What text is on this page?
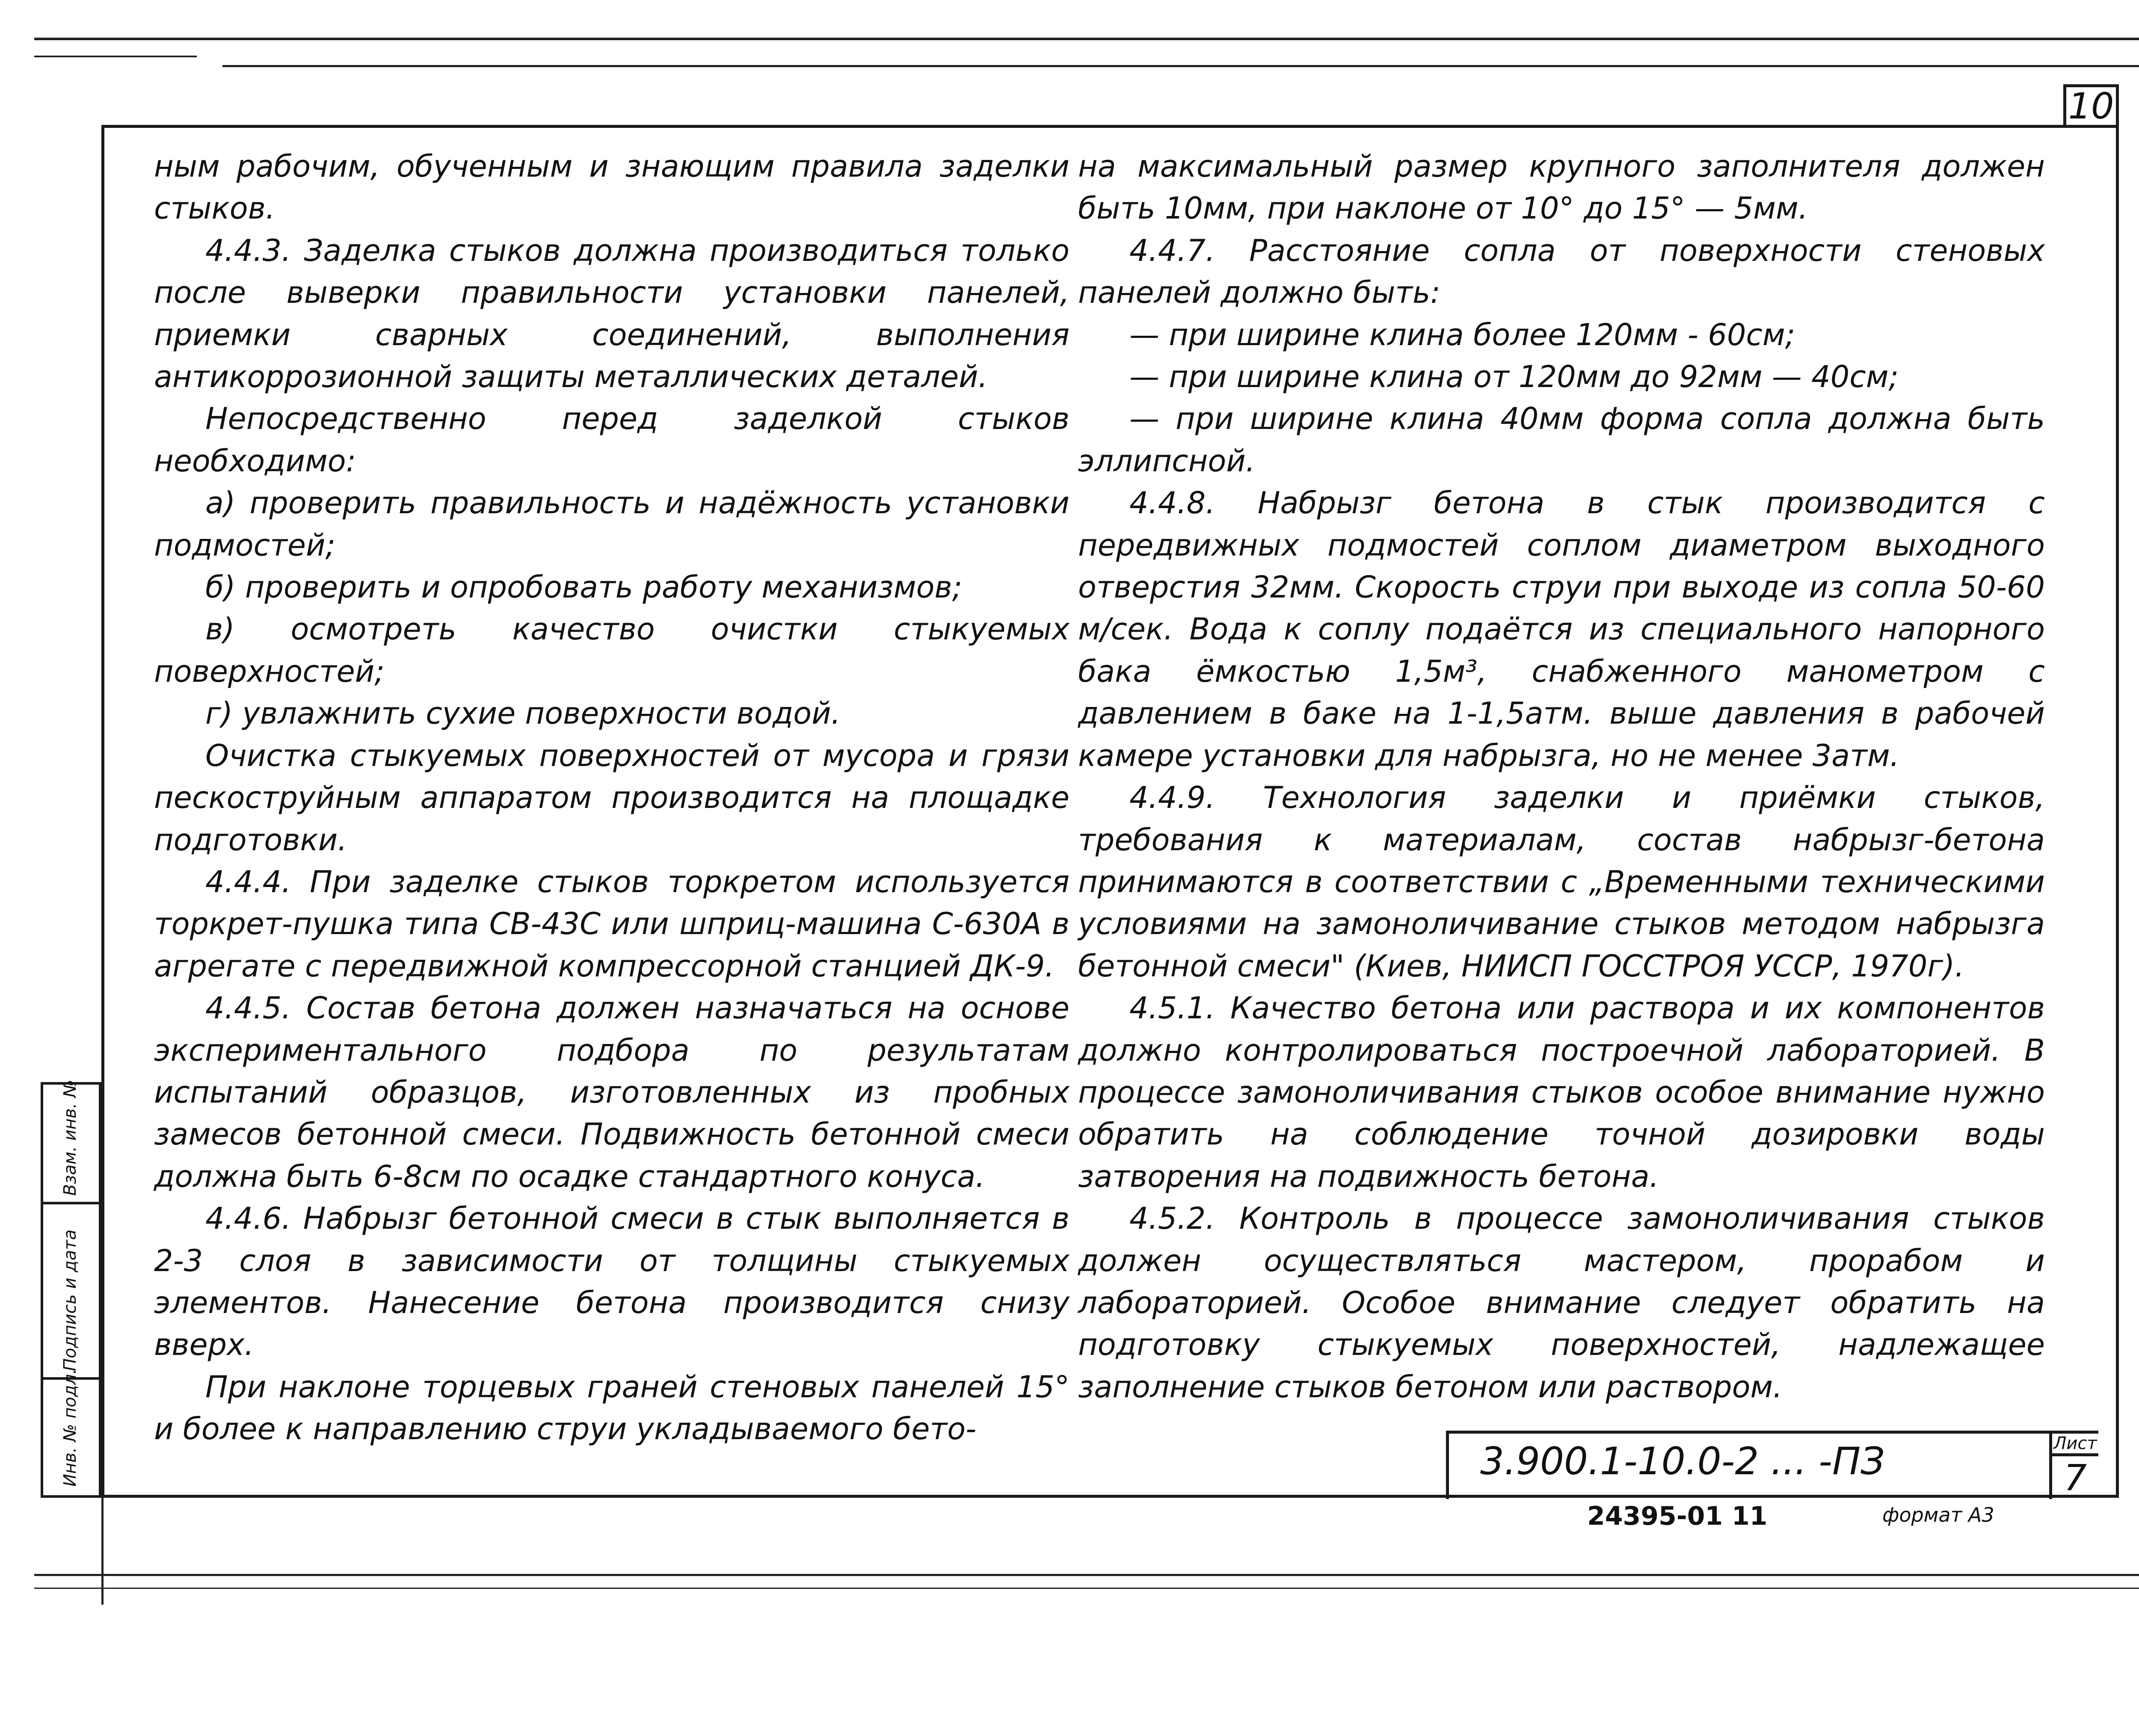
10

ным рабочим, обученным и знающим правила заделки стыков.

4.4.3. Заделка стыков должна производиться только после выверки правильности установки панелей, приемки сварных соединений, выполнения антикоррозионной защиты металлических деталей.

Непосредственно перед заделкой стыков необходимо:

а) проверить правильность и надёжность установки подмостей;

б) проверить и опробовать работу механизмов;

в) осмотреть качество очистки стыкуемых поверхностей;

г) увлажнить сухие поверхности водой.

Очистка стыкуемых поверхностей от мусора и грязи пескоструйным аппаратом производится на площадке подготовки.

4.4.4. При заделке стыков торкретом используется торкрет-пушка типа СВ-43С или шприц-машина С-630А в агрегате с передвижной компрессорной станцией ДК-9.

4.4.5. Состав бетона должен назначаться на основе экспериментального подбора по результатам испытаний образцов, изготовленных из пробных замесов бетонной смеси. Подвижность бетонной смеси должна быть 6-8см по осадке стандартного конуса.

4.4.6. Набрызг бетонной смеси в стык выполняется в 2-3 слоя в зависимости от толщины стыкуемых элементов. Нанесение бетона производится снизу вверх.

При наклоне торцевых граней стеновых панелей 15° и более к направлению струи укладываемого бето-

на максимальный размер крупного заполнителя должен быть 10мм, при наклоне от 10° до 15° — 5мм.

4.4.7. Расстояние сопла от поверхности стеновых панелей должно быть:

— при ширине клина более 120мм - 60см;

— при ширине клина от 120мм до 92мм — 40см;

— при ширине клина 40мм форма сопла должна быть эллипсной.

4.4.8. Набрызг бетона в стык производится с передвижных подмостей соплом диаметром выходного отверстия 32мм. Скорость струи при выходе из сопла 50-60 м/сек. Вода к соплу подаётся из специального напорного бака ёмкостью 1,5м³, снабженного манометром с давлением в баке на 1-1,5атм. выше давления в рабочей камере установки для набрызга, но не менее 3атм.

4.4.9. Технология заделки и приёмки стыков, требования к материалам, состав набрызг-бетона принимаются в соответствии с „Временными техническими условиями на замоноличивание стыков методом набрызга бетонной смеси" (Киев, НИИСП ГОССТРОЯ УССР, 1970г).

4.5.1. Качество бетона или раствора и их компонентов должно контролироваться построечной лабораторией. В процессе замоноличивания стыков особое внимание нужно обратить на соблюдение точной дозировки воды затворения на подвижность бетона.

4.5.2. Контроль в процессе замоноличивания стыков должен осуществляться мастером, прорабом и лабораторией. Особое внимание следует обратить на подготовку стыкуемых поверхностей, надлежащее заполнение стыков бетоном или раствором.

Взам. инв. №
Подпись и дата
Инв. № подл.	3.900.1-10.0-2 ... -ПЗ	Лист
7
24395-01 11	формат А3
